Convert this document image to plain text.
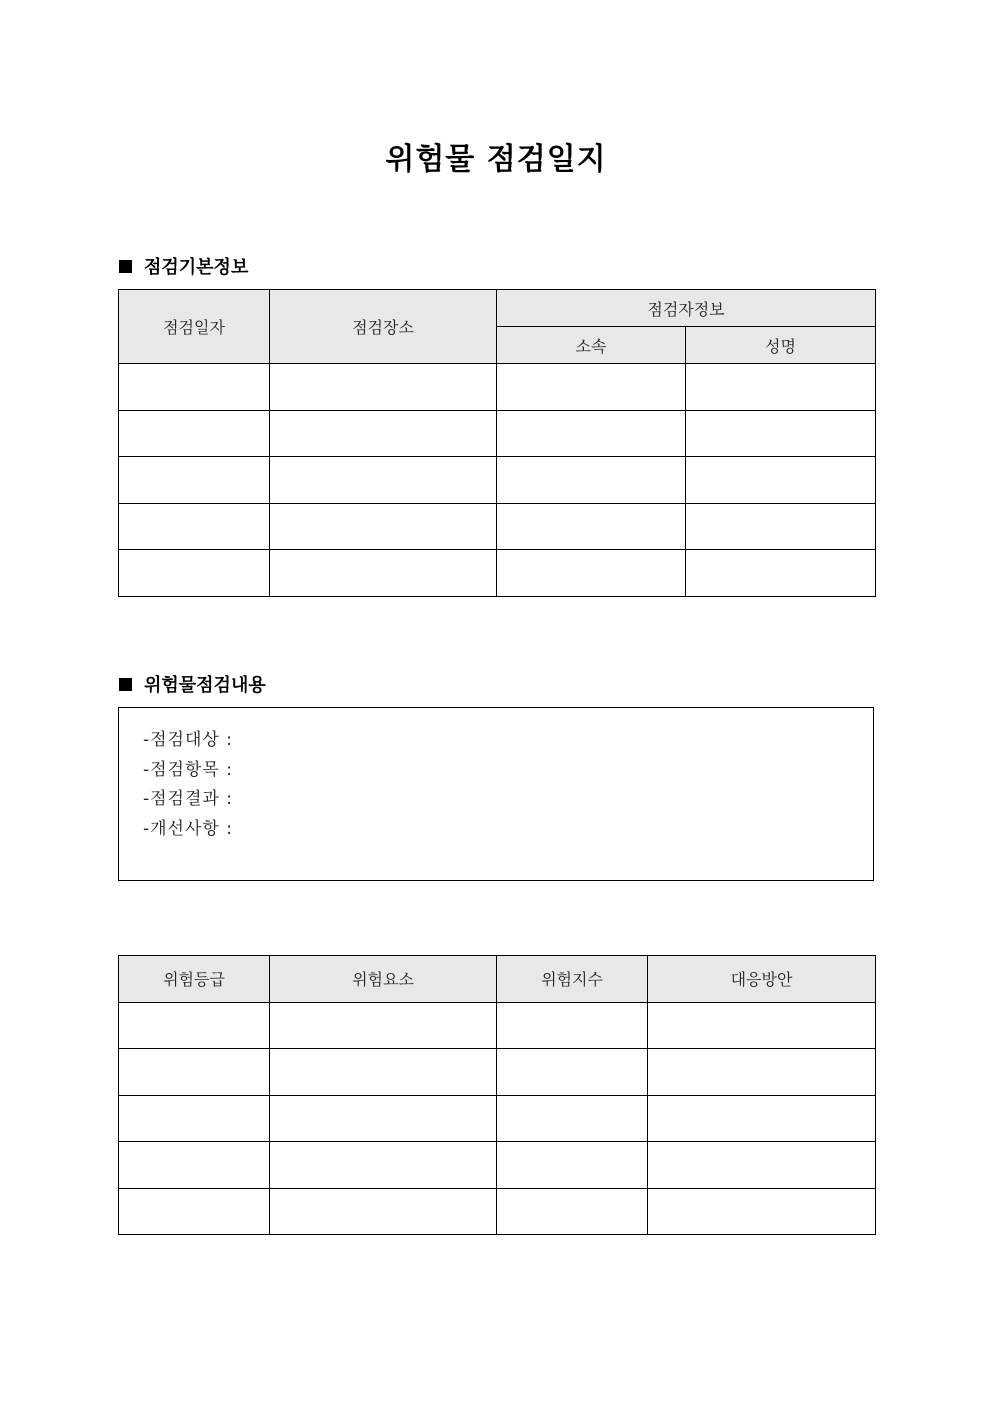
위험물 점검일지
점검기본정보
점검일자	점검장소	점검자정보	
		소속	성명

위험물점검내용
-점검대상 :
-점검항목 :
-점검결과 :
-개선사항 :
위험등급	위험요소	위험지수	대응방안
